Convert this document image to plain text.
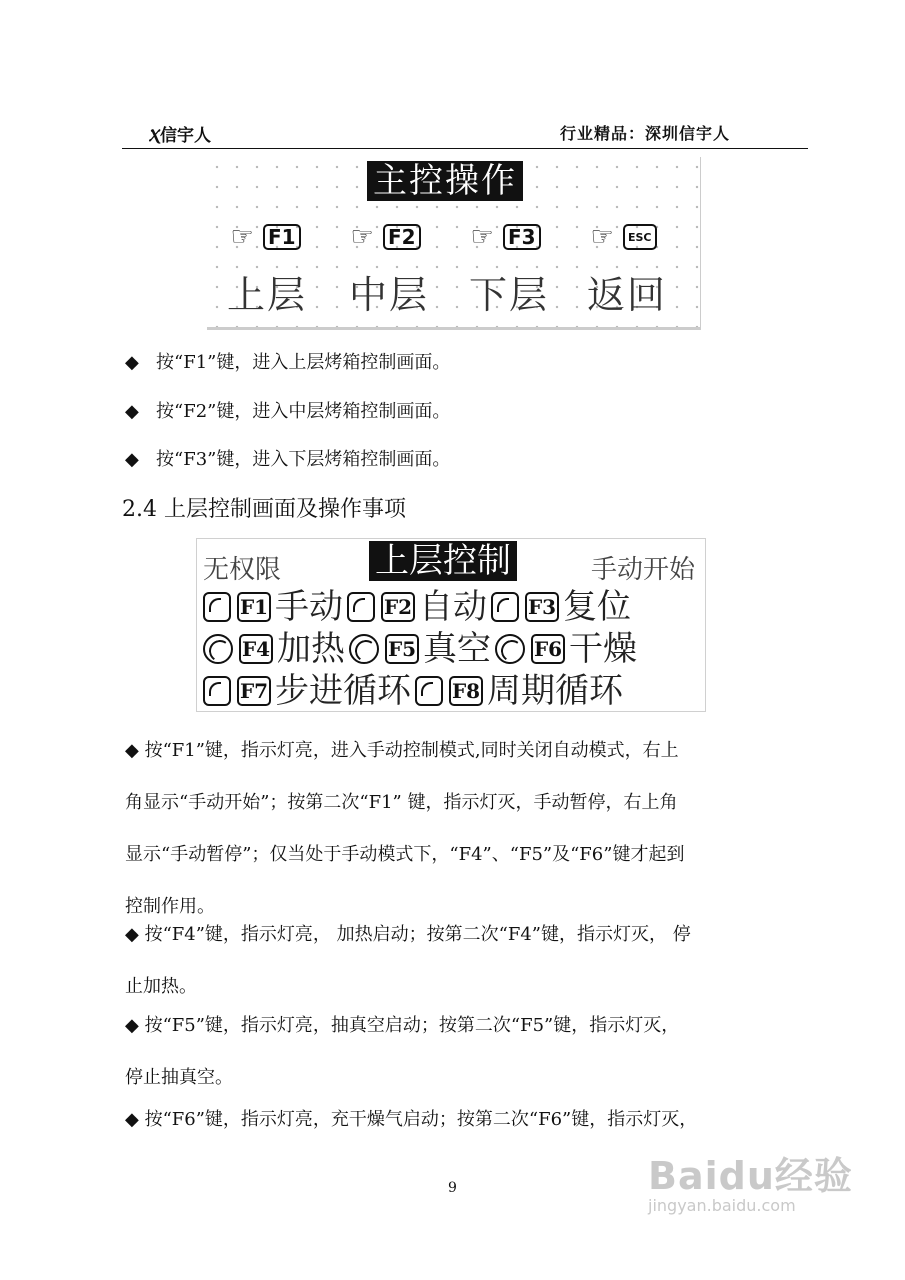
Ⲭ信宇人	行业精品：深圳信宇人
主控操作
☞ F1 ☞ F2 ☞ F3 ☞	ESC
上层 中层 下层 返回
◆ 按“F1”键，进入上层烤箱控制画面。
◆ 按“F2”键，进入中层烤箱控制画面。
◆ 按“F3”键，进入下层烤箱控制画面。
2.4 上层控制画面及操作事项
无权限	上层控制	手动开始
F1 手动 F2 自动 F3 复位
F4 加热 F5 真空 F6 干燥
F7 步进循环 F8 周期循环

◆ 按“F1”键，指示灯亮，进入手动控制模式,同时关闭自动模式，右上

角显示“手动开始”；按第二次“F1” 键，指示灯灭，手动暂停，右上角

显示“手动暂停”；仅当处于手动模式下，“F4”、“F5”及“F6”键才起到

控制作用。

◆ 按“F4”键，指示灯亮， 加热启动；按第二次“F4”键，指示灯灭， 停

止加热。

◆ 按“F5”键，指示灯亮，抽真空启动；按第二次“F5”键，指示灯灭，

停止抽真空。

◆ 按“F6”键，指示灯亮，充干燥气启动；按第二次“F6”键，指示灯灭，

9	Baidu经验
jingyan.baidu.com
